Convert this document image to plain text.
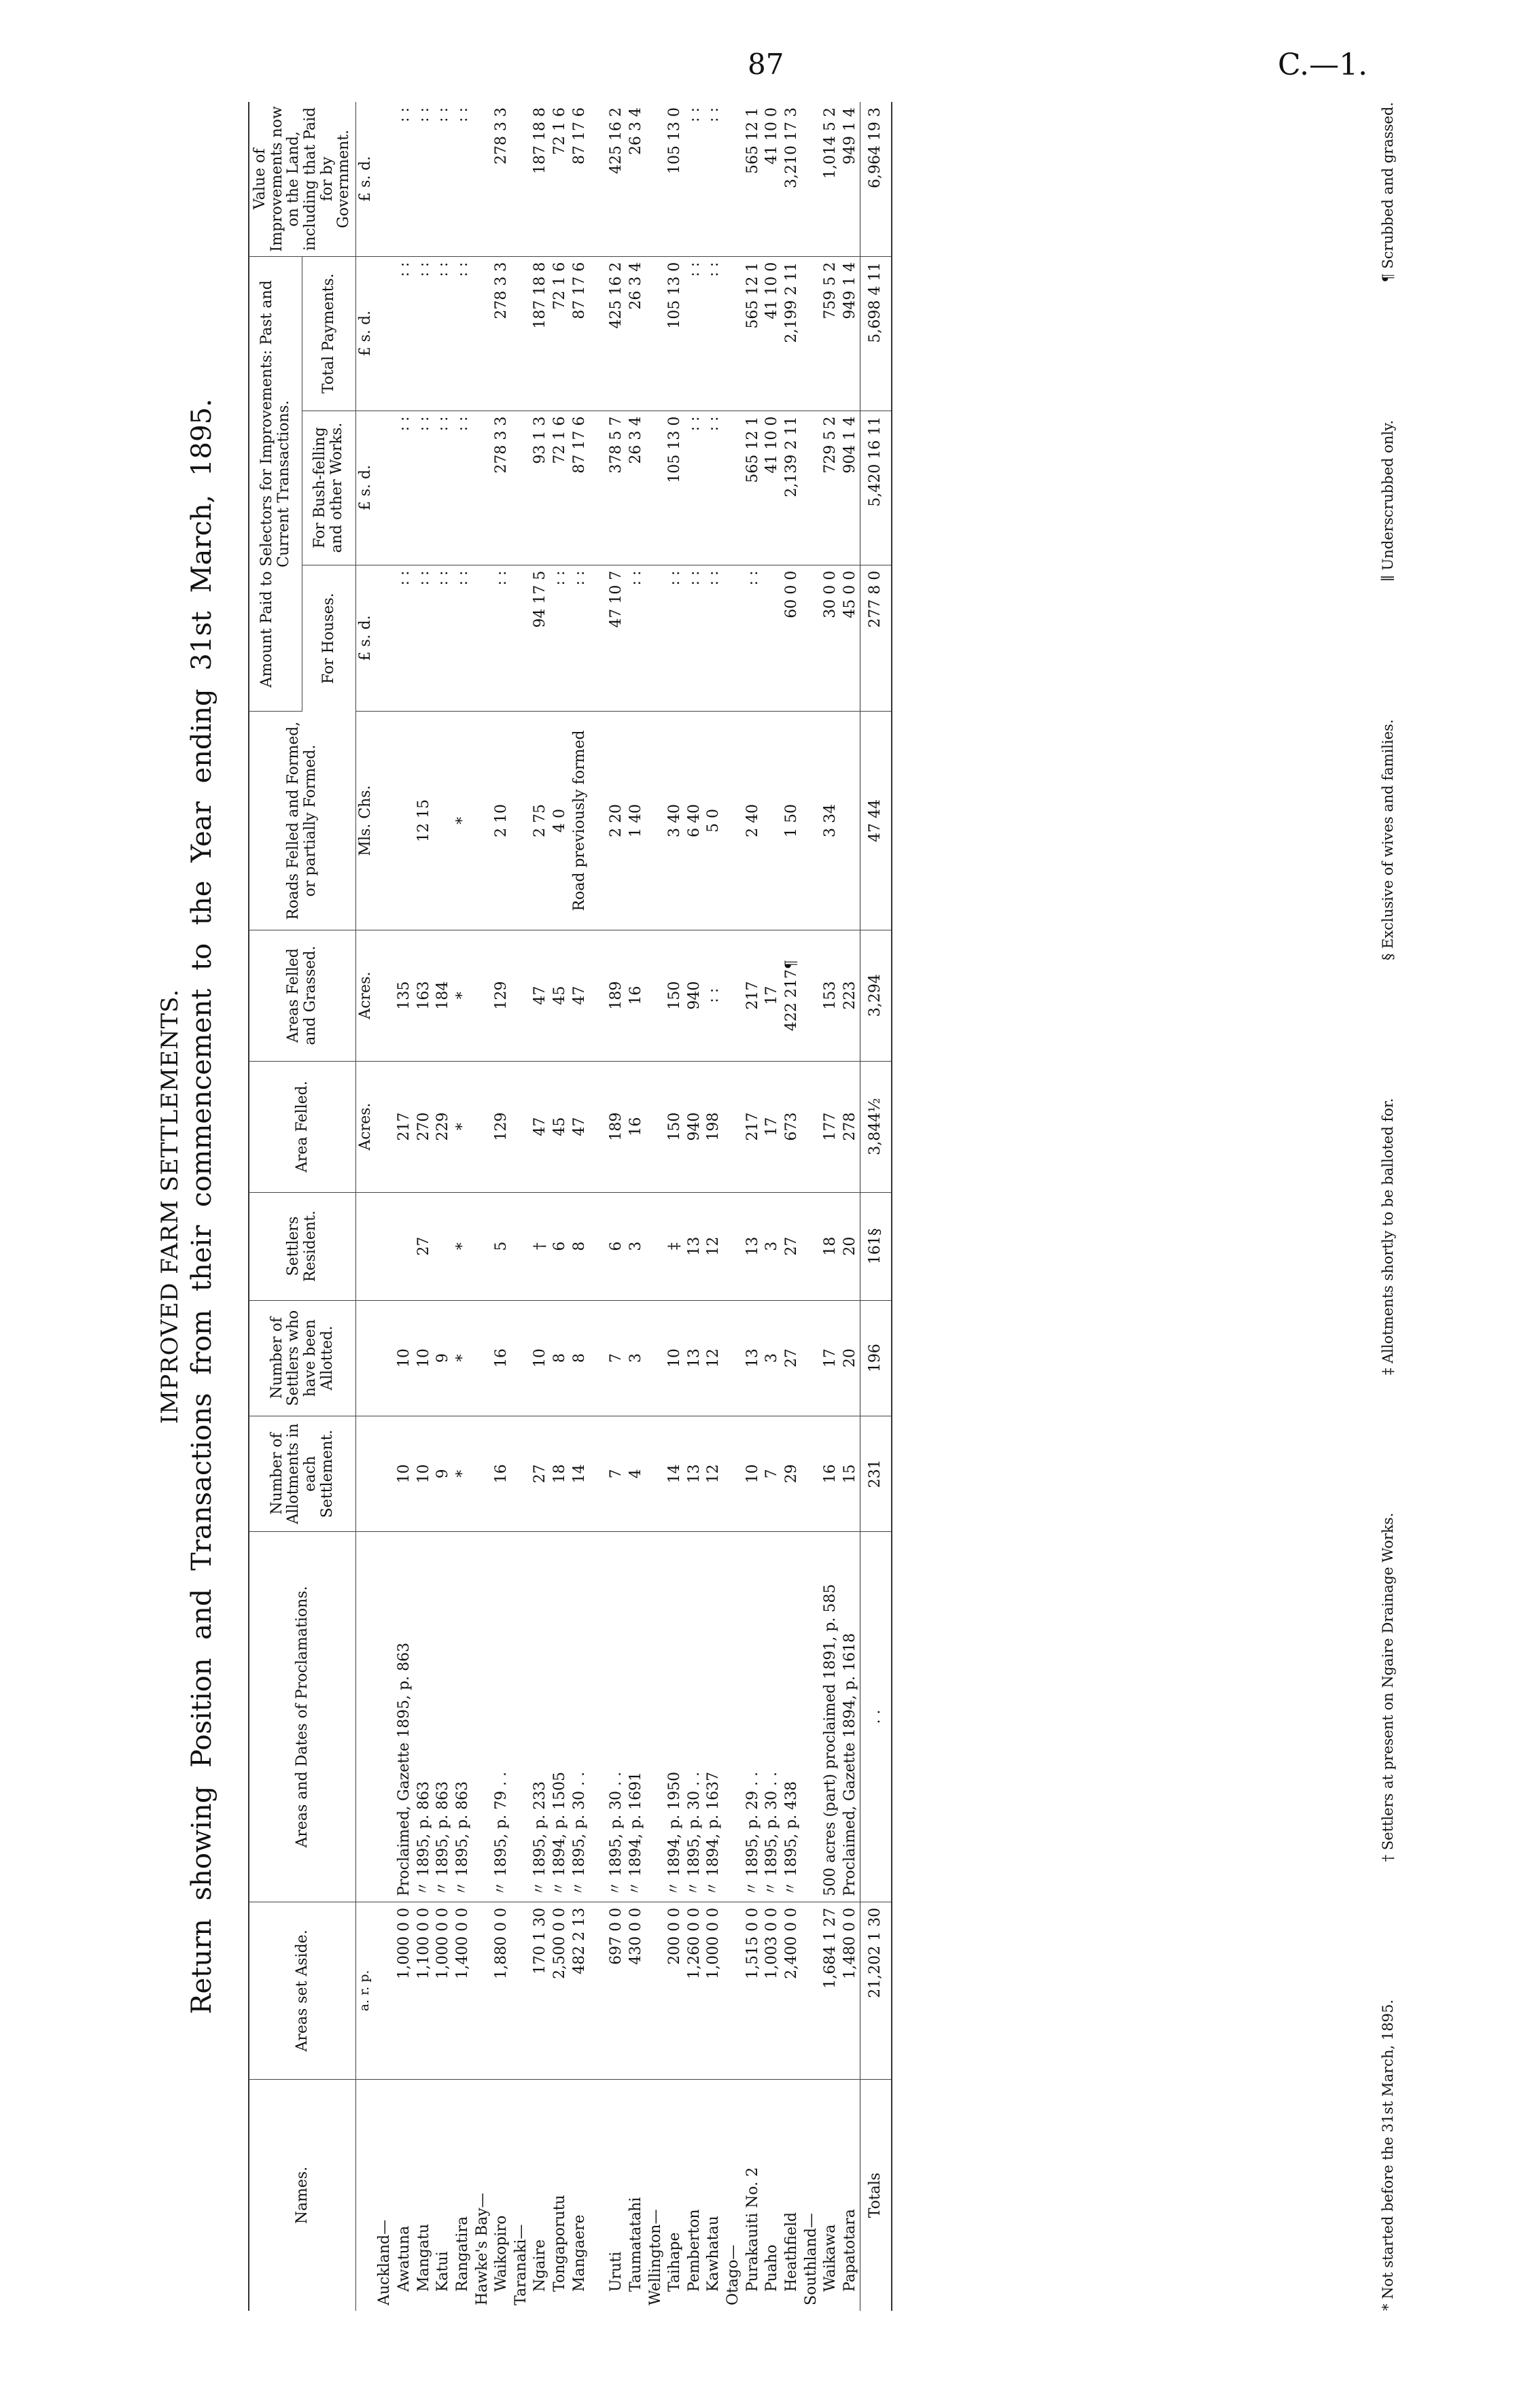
87	C.—1.
IMPROVED FARM SETTLEMENTS. Return showing Position and Transactions from their commencement to the Year ending 31st March, 1895.
Names.	Areas set Aside.	Areas and Dates of Proclamations.	Number of Allotments in each Settlement.	Number of Settlers who have been Allotted.	Settlers Resident.	Area Felled.	Areas Felled and Grassed.	Roads Felled and Formed, or partially Formed.	Amount Paid to Selectors for Improvements: Past and Current Transactions.			Value of Improvements now on the Land, including that Paid for by Government.
									For Houses.	For Bush-felling and other Works.	Total Payments.	
	a. r. p.					Acres.	Acres.	Mls. Chs.	£ s. d.	£ s. d.	£ s. d.	£ s. d.
Auckland—												
Awatuna	1,000 0 0	Proclaimed, Gazette 1895, p. 863	10	10		217	135		: :	: :	: :	: :
Mangatu	1,100 0 0	〃 1895, p. 863	10	10	27	270	163	12 15	: :	: :	: :	: :
Katui	1,000 0 0	〃 1895, p. 863	9	9		229	184		: :	: :	: :	: :
Rangatira	1,400 0 0	〃 1895, p. 863	*	*	*	*	*	*	: :	: :	: :	: :
Hawke's Bay—												
Waikopiro	1,880 0 0	〃 1895, p. 79 . .	16	16	5	129	129	2 10	: :	278 3 3	278 3 3	278 3 3
Taranaki—												
Ngaire	170 1 30	〃 1895, p. 233	27	10	†	47	47	2 75	94 17 5	93 1 3	187 18 8	187 18 8
Tongaporutu	2,500 0 0	〃 1894, p. 1505	18	8	6	45	45	4 0	: :	72 1 6	72 1 6	72 1 6
Mangaere	482 2 13	〃 1895, p. 30 . .	14	8	8	47	47	Road previously formed	: :	87 17 6	87 17 6	87 17 6

Uruti	697 0 0	〃 1895, p. 30 . .	7	7	6	189	189	2 20	47 10 7	378 5 7	425 16 2	425 16 2
Taumatatahi	430 0 0	〃 1894, p. 1691	4	3	3	16	16	1 40	: :	26 3 4	26 3 4	26 3 4
Wellington—												
Taihape	200 0 0	〃 1894, p. 1950	14	10	‡	150	150	3 40	: :	105 13 0	105 13 0	105 13 0
Pemberton	1,260 0 0	〃 1895, p. 30 . .	13	13	13	940	940	6 40	: :	: :	: :	: :
Kawhatau	1,000 0 0	〃 1894, p. 1637	12	12	12	198	: :	5 0	: :	: :	: :	: :
Otago—												
Purakauiti No. 2	1,515 0 0	〃 1895, p. 29 . .	10	13	13	217	217	2 40	: :	565 12 1	565 12 1	565 12 1
Puaho	1,003 0 0	〃 1895, p. 30 . .	7	3	3	17	17			41 10 0	41 10 0	41 10 0
Heathfield	2,400 0 0	〃 1895, p. 438	29	27	27	673	422 217¶	1 50	60 0 0	2,139 2 11	2,199 2 11	3,210 17 3
Southland—												
Waikawa	1,684 1 27	500 acres (part) proclaimed 1891, p. 585	16	17	18	177	153	3 34	30 0 0	729 5 2	759 5 2	1,014 5 2
Papatotara	1,480 0 0	Proclaimed, Gazette 1894, p. 1618	15	20	20	278	223		45 0 0	904 1 4	949 1 4	949 1 4
Totals	21,202 1 30	. .	231	196	161§	3,844½	3,294	47 44	277 8 0	5,420 16 11	5,698 4 11	6,964 19 3
* Not started before the 31st March, 1895.
† Settlers at present on Ngaire Drainage Works.
‡ Allotments shortly to be balloted for.
§ Exclusive of wives and families.
∥ Underscrubbed only.
¶ Scrubbed and grassed.
